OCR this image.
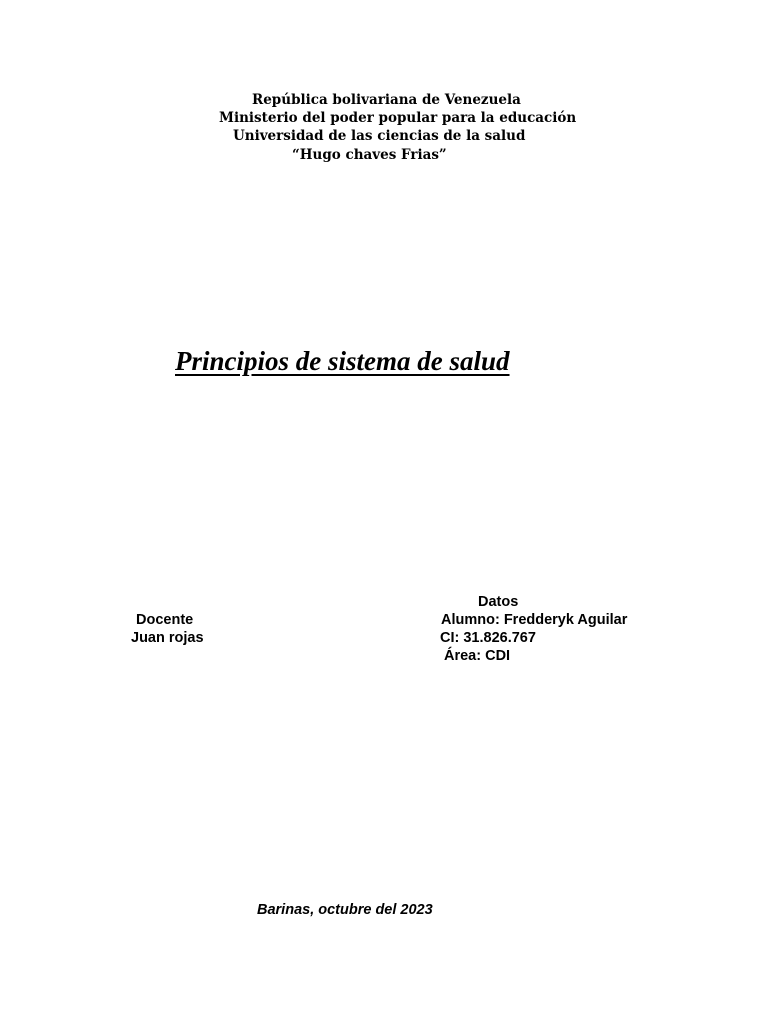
República bolivariana de Venezuela
Ministerio del poder popular para la educación
Universidad de las ciencias de la salud
“Hugo chaves Frias”
Principios de sistema de salud
Datos
Docente	Alumno: Fredderyk Aguilar
Juan rojas	CI: 31.826.767
Área: CDI
Barinas, octubre del 2023
